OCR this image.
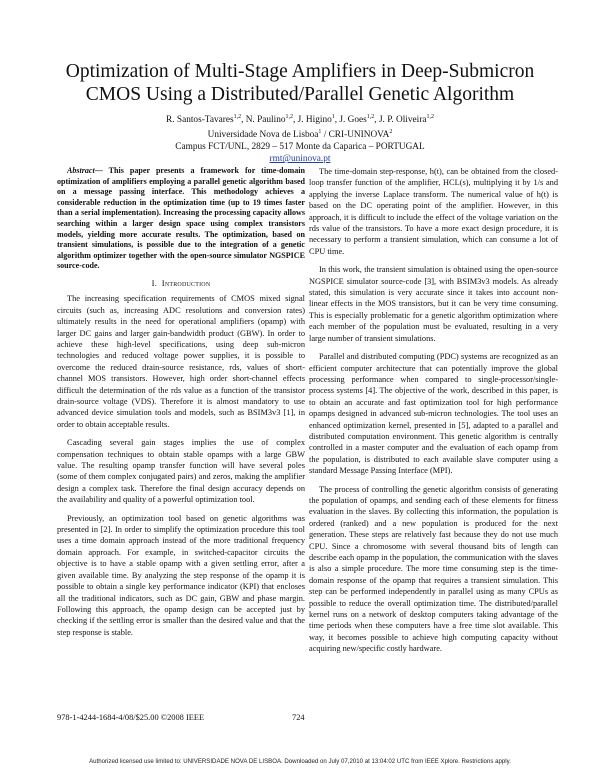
Optimization of Multi-Stage Amplifiers in Deep-Submicron
CMOS Using a Distributed/Parallel Genetic Algorithm
R. Santos-Tavares$^{1,2}$, N. Paulino$^{1,2}$, J. Higino$^1$, J. Goes$^{1,2}$, J. P. Oliveira$^{1,2}$
Universidade Nova de Lisboa$^1$ / CRI-UNINOVA$^2$
Campus FCT/UNL, 2829 – 517 Monte da Caparica – PORTUGAL
rmt@uninova.pt
Abstract— This paper presents a framework for time-domain optimization of amplifiers employing a parallel genetic algorithm based on a message passing interface. This methodology achieves a considerable reduction in the optimization time (up to 19 times faster than a serial implementation). Increasing the processing capacity allows searching within a larger design space using complex transistors models, yielding more accurate results. The optimization, based on transient simulations, is possible due to the integration of a genetic algorithm optimizer together with the open-source simulator NGSPICE source-code.
I. Introduction

The increasing specification requirements of CMOS mixed signal circuits (such as, increasing ADC resolutions and conversion rates) ultimately results in the need for operational amplifiers (opamp) with larger DC gains and larger gain-bandwidth product (GBW). In order to achieve these high-level specifications, using deep sub-micron technologies and reduced voltage power supplies, it is possible to overcome the reduced drain-source resistance, rds, values of short-channel MOS transistors. However, high order short-channel effects difficult the determination of the rds value as a function of the transistor drain-source voltage (VDS). Therefore it is almost mandatory to use advanced device simulation tools and models, such as BSIM3v3 [1], in order to obtain acceptable results.

Cascading several gain stages implies the use of complex compensation techniques to obtain stable opamps with a large GBW value. The resulting opamp transfer function will have several poles (some of them complex conjugated pairs) and zeros, making the amplifier design a complex task. Therefore the final design accuracy depends on the availability and quality of a powerful optimization tool.

Previously, an optimization tool based on genetic algorithms was presented in [2]. In order to simplify the optimization procedure this tool uses a time domain approach instead of the more traditional frequency domain approach. For example, in switched-capacitor circuits the objective is to have a stable opamp with a given settling error, after a given available time. By analyzing the step response of the opamp it is possible to obtain a single key performance indicator (KPI) that encloses all the traditional indicators, such as DC gain, GBW and phase margin. Following this approach, the opamp design can be accepted just by checking if the settling error is smaller than the desired value and that the step response is stable.

The time-domain step-response, h(t), can be obtained from the closed-loop transfer function of the amplifier, HCL(s), multiplying it by 1/s and applying the inverse Laplace transform. The numerical value of h(t) is based on the DC operating point of the amplifier. However, in this approach, it is difficult to include the effect of the voltage variation on the rds value of the transistors. To have a more exact design procedure, it is necessary to perform a transient simulation, which can consume a lot of CPU time.

In this work, the transient simulation is obtained using the open-source NGSPICE simulator source-code [3], with BSIM3v3 models. As already stated, this simulation is very accurate since it takes into account non-linear effects in the MOS transistors, but it can be very time consuming. This is especially problematic for a genetic algorithm optimization where each member of the population must be evaluated, resulting in a very large number of transient simulations.

Parallel and distributed computing (PDC) systems are recognized as an efficient computer architecture that can potentially improve the global processing performance when compared to single-processor/single-process systems [4]. The objective of the work, described in this paper, is to obtain an accurate and fast optimization tool for high performance opamps designed in advanced sub-micron technologies. The tool uses an enhanced optimization kernel, presented in [5], adapted to a parallel and distributed computation environment. This genetic algorithm is centrally controlled in a master computer and the evaluation of each opamp from the population, is distributed to each available slave computer using a standard Message Passing Interface (MPI).

The process of controlling the genetic algorithm consists of generating the population of opamps, and sending each of these elements for fitness evaluation in the slaves. By collecting this information, the population is ordered (ranked) and a new population is produced for the next generation. These steps are relatively fast because they do not use much CPU. Since a chromosome with several thousand bits of length can describe each opamp in the population, the communication with the slaves is also a simple procedure. The more time consuming step is the time-domain response of the opamp that requires a transient simulation. This step can be performed independently in parallel using as many CPUs as possible to reduce the overall optimization time. The distributed/parallel kernel runs on a network of desktop computers taking advantage of the time periods when these computers have a free time slot available. This way, it becomes possible to achieve high computing capacity without acquiring new/specific costly hardware.

978-1-4244-1684-4/08/$25.00 ©2008 IEEE	724
Authorized licensed use limited to: UNIVERSIDADE NOVA DE LISBOA. Downloaded on July 07,2010 at 13:04:02 UTC from IEEE Xplore. Restrictions apply.
